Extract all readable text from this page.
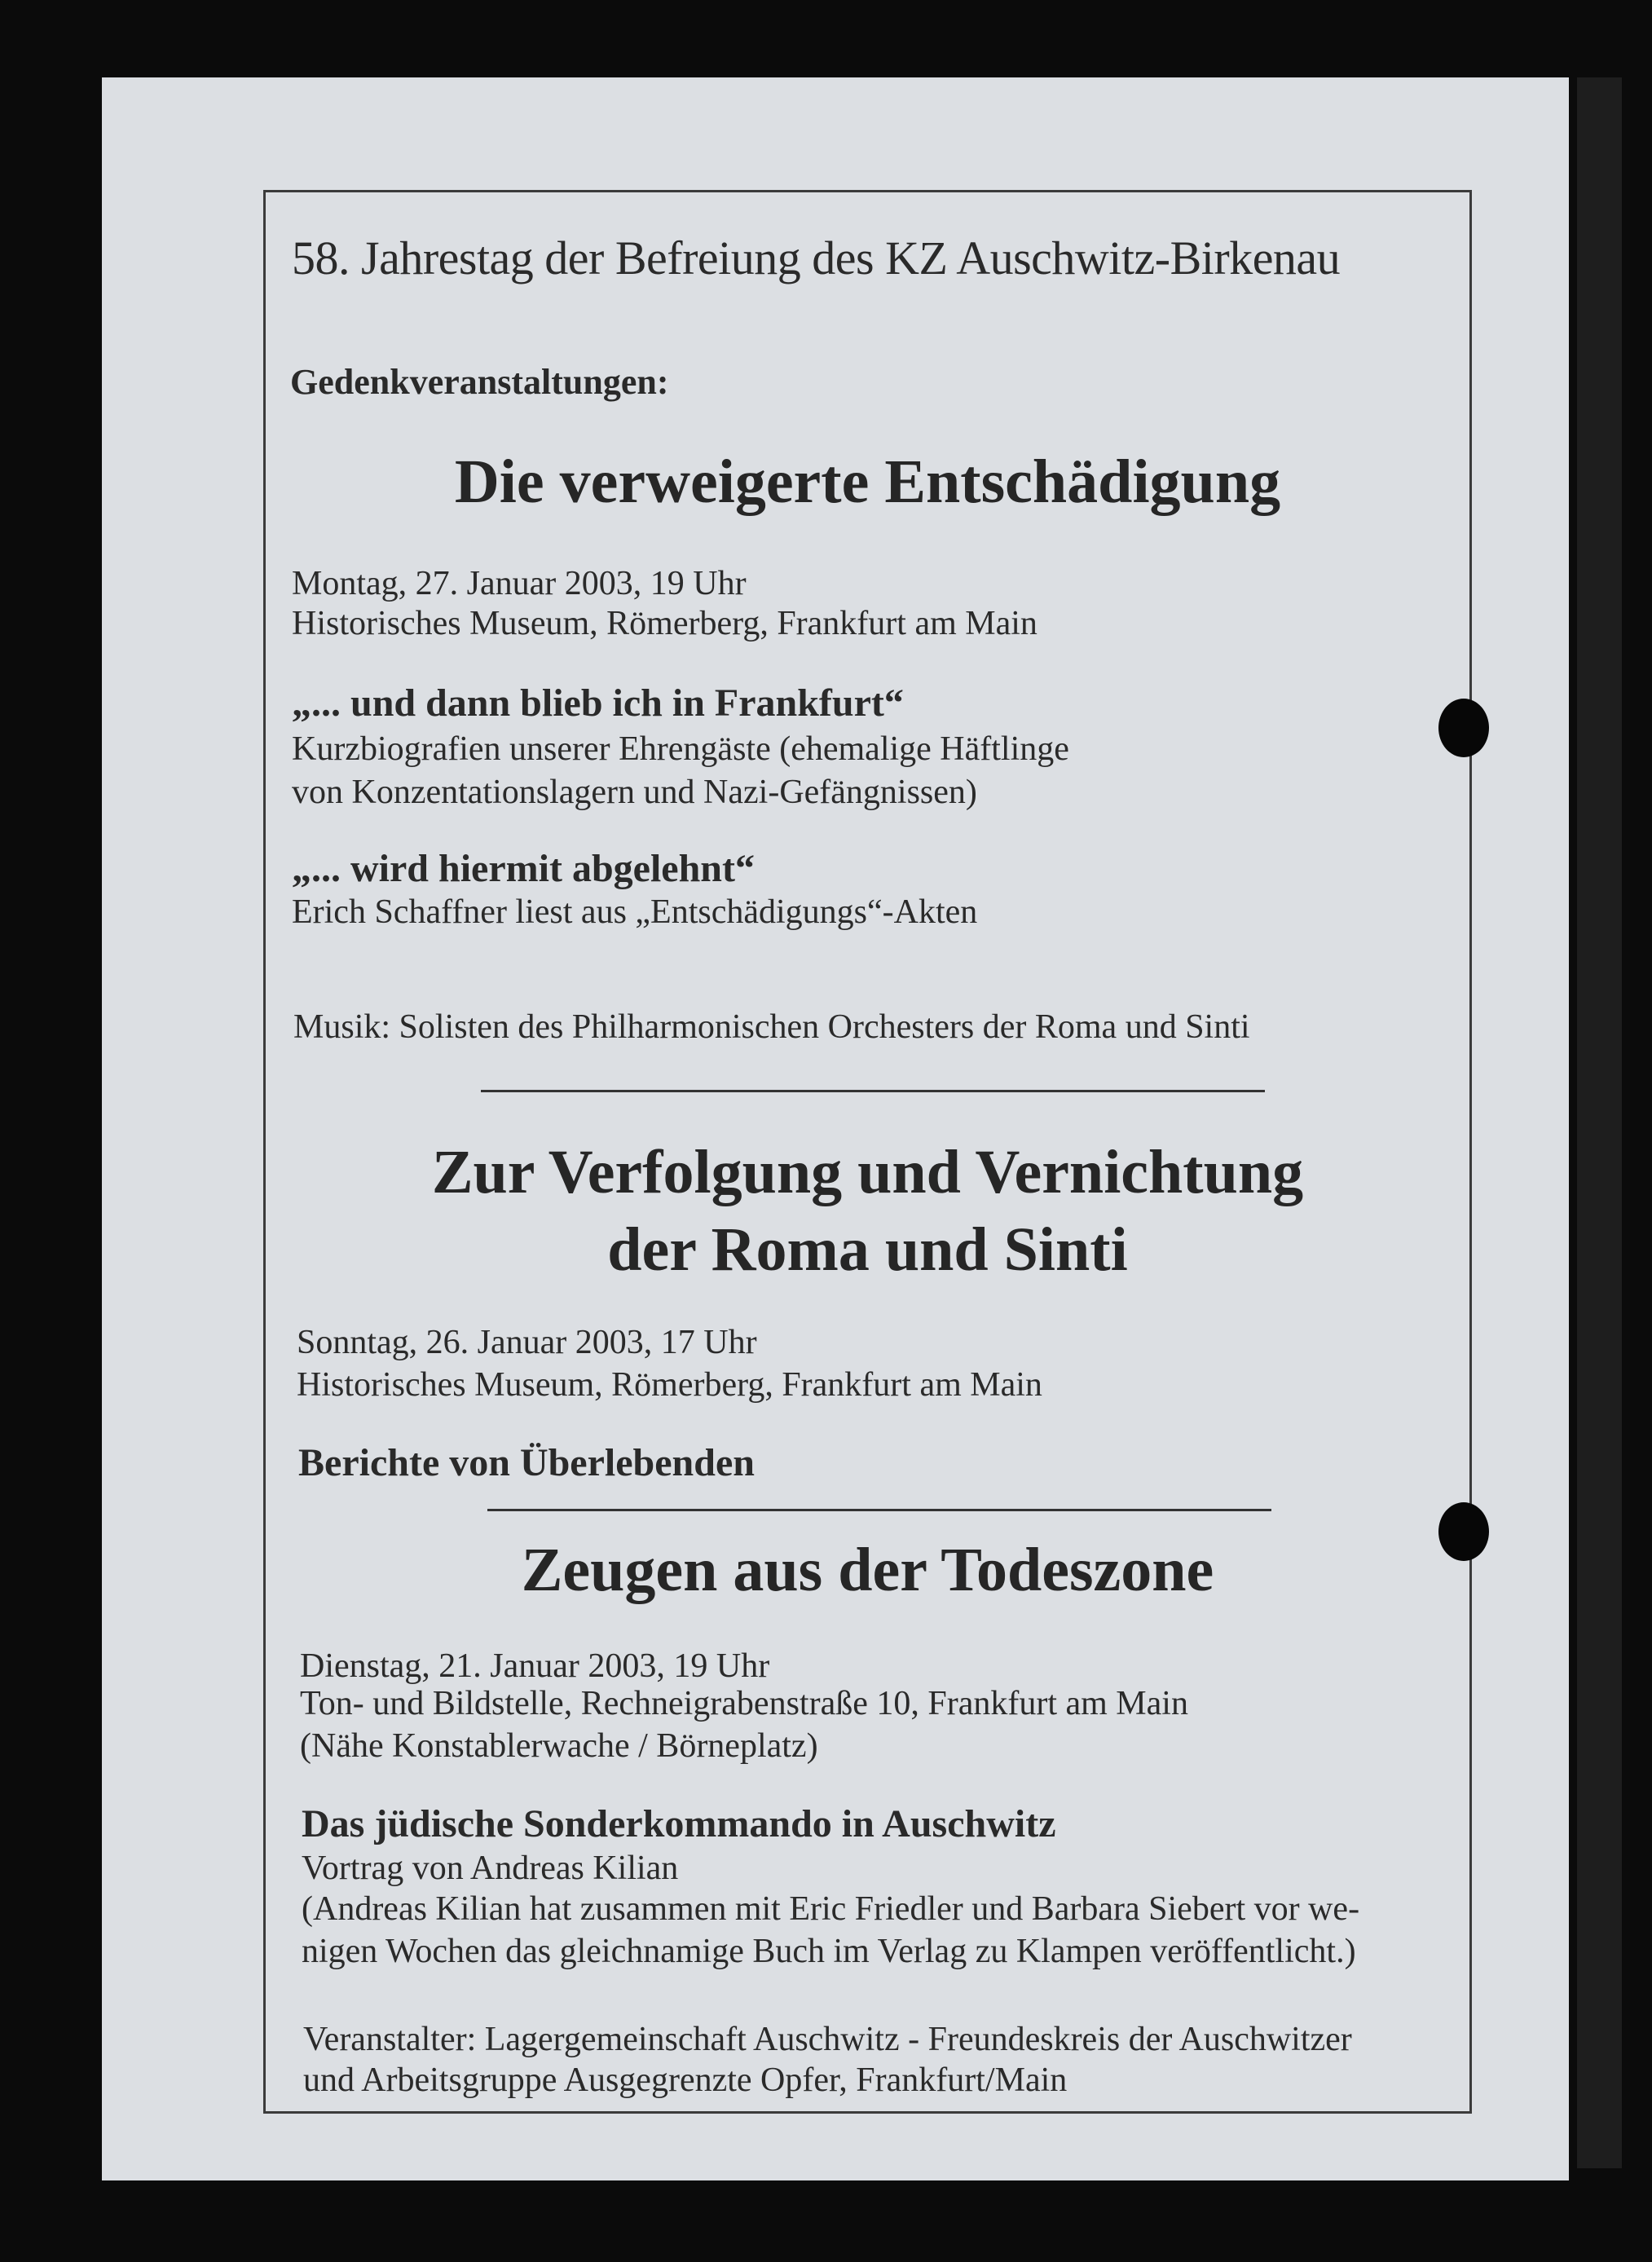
58. Jahrestag der Befreiung des KZ Auschwitz-Birkenau
Gedenkveranstaltungen:
Die verweigerte Entschädigung
Montag, 27. Januar 2003, 19 Uhr
Historisches Museum, Römerberg, Frankfurt am Main
„... und dann blieb ich in Frankfurt“
Kurzbiografien unserer Ehrengäste (ehemalige Häftlinge
von Konzentationslagern und Nazi-Gefängnissen)
„... wird hiermit abgelehnt“
Erich Schaffner liest aus „Entschädigungs“-Akten
Musik: Solisten des Philharmonischen Orchesters der Roma und Sinti
Zur Verfolgung und Vernichtung
der Roma und Sinti
Sonntag, 26. Januar 2003, 17 Uhr
Historisches Museum, Römerberg, Frankfurt am Main
Berichte von Überlebenden
Zeugen aus der Todeszone
Dienstag, 21. Januar 2003, 19 Uhr
Ton- und Bildstelle, Rechneigrabenstraße 10, Frankfurt am Main
(Nähe Konstablerwache / Börneplatz)
Das jüdische Sonderkommando in Auschwitz
Vortrag von Andreas Kilian
(Andreas Kilian hat zusammen mit Eric Friedler und Barbara Siebert vor we-
nigen Wochen das gleichnamige Buch im Verlag zu Klampen veröffentlicht.)
Veranstalter: Lagergemeinschaft Auschwitz - Freundeskreis der Auschwitzer
und Arbeitsgruppe Ausgegrenzte Opfer, Frankfurt/Main
